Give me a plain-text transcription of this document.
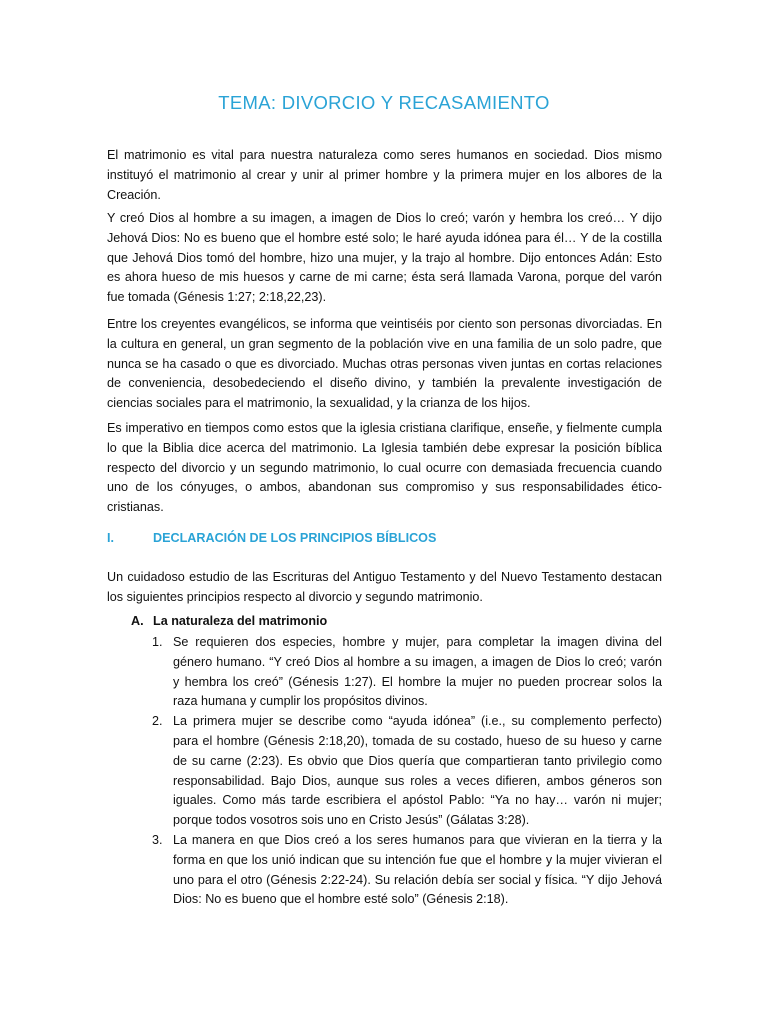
TEMA: DIVORCIO Y RECASAMIENTO

El matrimonio es vital para nuestra naturaleza como seres humanos en sociedad. Dios mismo instituyó el matrimonio al crear y unir al primer hombre y la primera mujer en los albores de la Creación.

Y creó Dios al hombre a su imagen, a imagen de Dios lo creó; varón y hembra los creó… Y dijo Jehová Dios: No es bueno que el hombre esté solo; le haré ayuda idónea para él… Y de la costilla que Jehová Dios tomó del hombre, hizo una mujer, y la trajo al hombre. Dijo entonces Adán: Esto es ahora hueso de mis huesos y carne de mi carne; ésta será llamada Varona, porque del varón fue tomada (Génesis 1:27; 2:18,22,23).

Entre los creyentes evangélicos, se informa que veintiséis por ciento son personas divorciadas. En la cultura en general, un gran segmento de la población vive en una familia de un solo padre, que nunca se ha casado o que es divorciado. Muchas otras personas viven juntas en cortas relaciones de conveniencia, desobedeciendo el diseño divino, y también la prevalente investigación de ciencias sociales para el matrimonio, la sexualidad, y la crianza de los hijos.

Es imperativo en tiempos como estos que la iglesia cristiana clarifique, enseñe, y fielmente cumpla lo que la Biblia dice acerca del matrimonio. La Iglesia también debe expresar la posición bíblica respecto del divorcio y un segundo matrimonio, lo cual ocurre con demasiada frecuencia cuando uno de los cónyuges, o ambos, abandonan sus compromiso y sus responsabilidades ético-cristianas.

I.	DECLARACIÓN DE LOS PRINCIPIOS BÍBLICOS

Un cuidadoso estudio de las Escrituras del Antiguo Testamento y del Nuevo Testamento destacan los siguientes principios respecto al divorcio y segundo matrimonio.

A. La naturaleza del matrimonio
1. Se requieren dos especies, hombre y mujer, para completar la imagen divina del género humano. “Y creó Dios al hombre a su imagen, a imagen de Dios lo creó; varón y hembra los creó” (Génesis 1:27). El hombre la mujer no pueden procrear solos la raza humana y cumplir los propósitos divinos.
2. La primera mujer se describe como “ayuda idónea” (i.e., su complemento perfecto) para el hombre (Génesis 2:18,20), tomada de su costado, hueso de su hueso y carne de su carne (2:23). Es obvio que Dios quería que compartieran tanto privilegio como responsabilidad. Bajo Dios, aunque sus roles a veces difieren, ambos géneros son iguales. Como más tarde escribiera el apóstol Pablo: “Ya no hay… varón ni mujer; porque todos vosotros sois uno en Cristo Jesús” (Gálatas 3:28).
3. La manera en que Dios creó a los seres humanos para que vivieran en la tierra y la forma en que los unió indican que su intención fue que el hombre y la mujer vivieran el uno para el otro (Génesis 2:22-24). Su relación debía ser social y física. “Y dijo Jehová Dios: No es bueno que el hombre esté solo” (Génesis 2:18).
